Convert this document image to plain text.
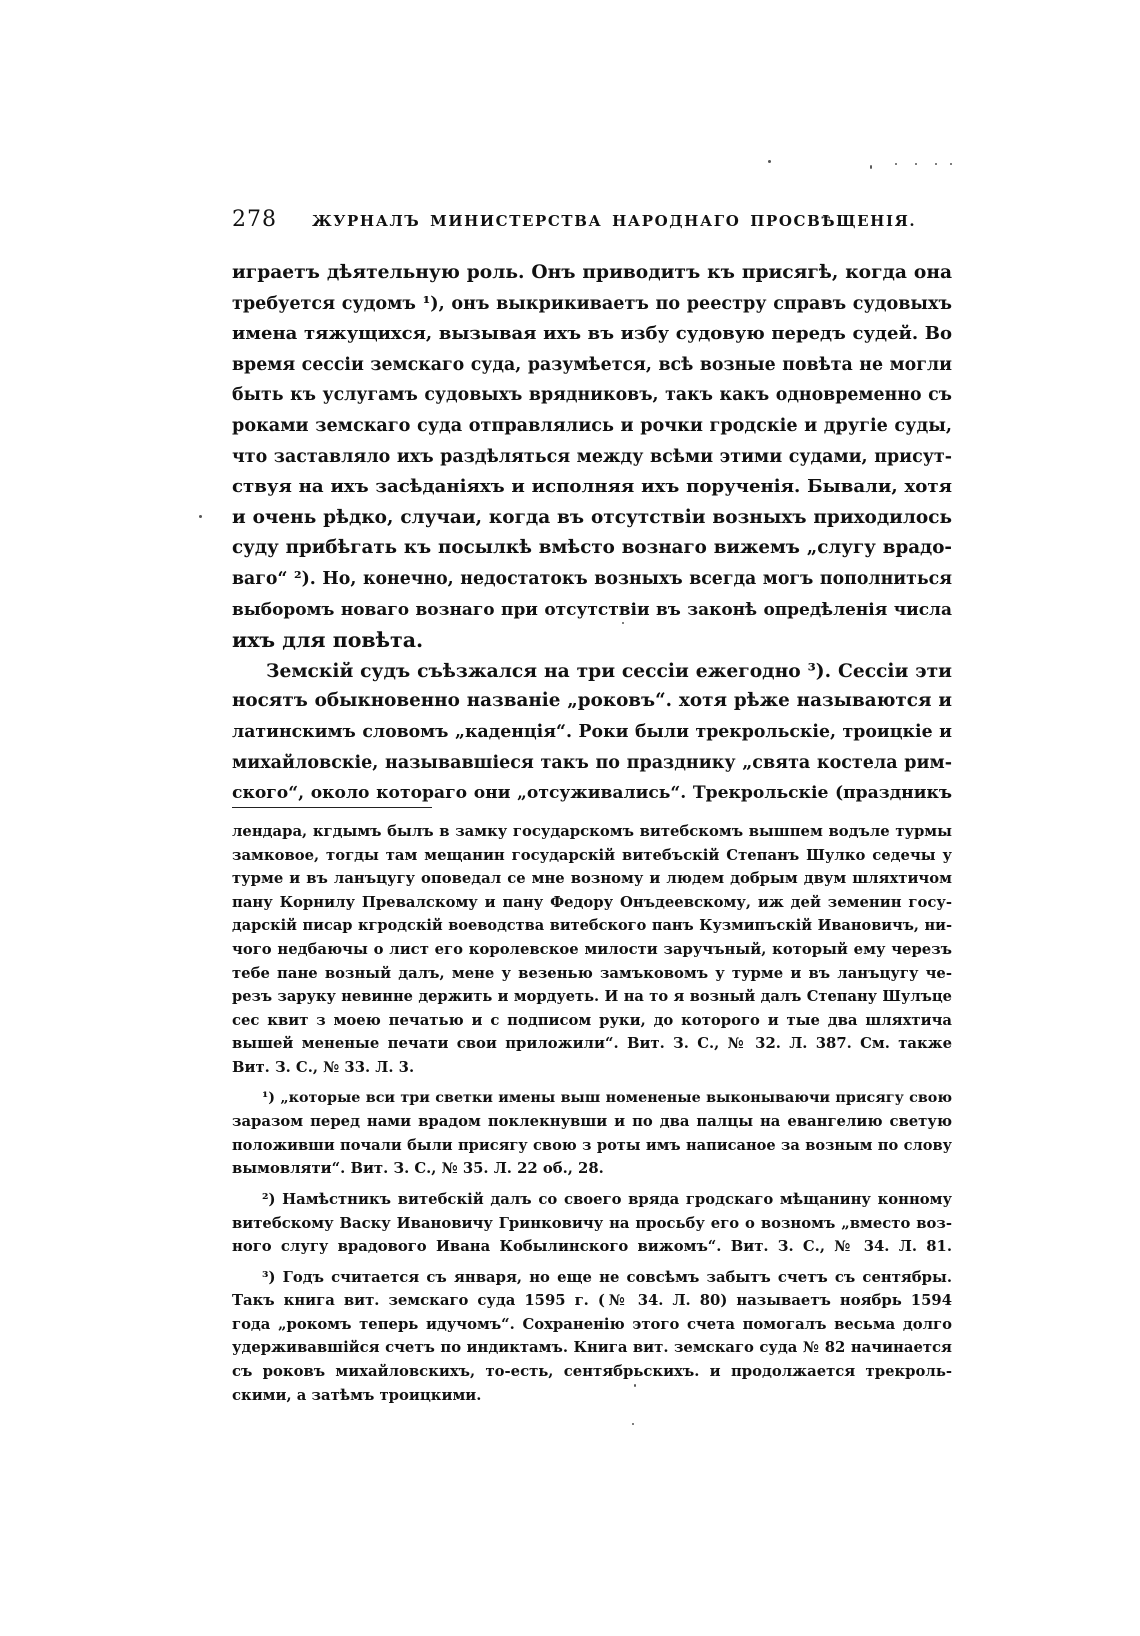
278	ЖУРНАЛЪ МИНИСТЕРСТВА НАРОДНАГО ПРОСВѢЩЕНІЯ.
играетъ дѣятельную роль. Онъ приводитъ къ присягѣ, когда она
требуется судомъ ¹), онъ выкрикиваетъ по реестру справъ судовыхъ
имена тяжущихся, вызывая ихъ въ избу судовую передъ судей. Во
время сессіи земскаго суда, разумѣется, всѣ возные повѣта не могли
быть къ услугамъ судовыхъ врядниковъ, такъ какъ одновременно съ
роками земскаго суда отправлялись и рочки гродскіе и другіе суды,
что заставляло ихъ раздѣляться между всѣми этими судами, присут-
ствуя на ихъ засѣданіяхъ и исполняя ихъ порученія. Бывали, хотя
и очень рѣдко, случаи, когда въ отсутствіи возныхъ приходилось
суду прибѣгать къ посылкѣ вмѣсто вознаго вижемъ „слугу врадо-
ваго“ ²). Но, конечно, недостатокъ возныхъ всегда могъ пополниться
выборомъ новаго вознаго при отсутствіи въ законѣ опредѣленія числа
ихъ для повѣта.
Земскій судъ съѣзжался на три сессіи ежегодно ³). Сессіи эти
носятъ обыкновенно названіе „роковъ“. хотя рѣже называются и
латинскимъ словомъ „каденція“. Роки были трекрольскіе, троицкіе и
михайловскіе, называвшіеся такъ по празднику „свята костела рим-
ского“, около котораго они „отсуживались“. Трекрольскіе (праздникъ
лендара, кгдымъ былъ в замку государскомъ витебскомъ вышпем водъле турмы
замковое, тогды там мещанин государскій витебъскій Степанъ Шулко седечы у
турме и въ ланъцугу оповедал се мне возному и людем добрым двум шляхтичом
пану Корнилу Превалскому и пану Федору Онъдеевскому, иж дей земенин госу-
дарскій писар кгродскій воеводства витебского панъ Кузмипъскій Ивановичъ, ни-
чого недбаючы о лист его королевское милости заручъный, который ему черезъ
тебе пане возный далъ, мене у везенью замъковомъ у турме и въ ланъцугу че-
резъ заруку невинне держить и мордуеть. И на то я возный далъ Степану Шулъце
сес квит з моею печатью и с подписом руки, до которого и тые два шляхтича
вышей мененые печати свои приложили“. Вит. З. С., № 32. Л. 387. См. также
Вит. З. С., № 33. Л. 3.
¹) „которые вси три светки имены выш номененые выконываючи присягу свою
заразом перед нами врадом поклекнувши и по два палцы на евангелию светую
положивши почали были присягу свою з роты имъ написаное за возным по слову
вымовляти“. Вит. З. С., № 35. Л. 22 об., 28.
²) Намѣстникъ витебскій далъ со своего вряда гродскаго мѣщанину конному
витебскому Васку Ивановичу Гринковичу на просьбу его о возномъ „вместо воз-
ного слугу врадового Ивана Кобылинского вижомъ“. Вит. З. С., № 34. Л. 81.
³) Годъ считается съ января, но еще не совсѣмъ забытъ счетъ съ сентябры.
Такъ книга вит. земскаго суда 1595 г. (№ 34. Л. 80) называетъ ноябрь 1594
года „рокомъ теперь идучомъ“. Сохраненію этого счета помогалъ весьма долго
удерживавшійся счетъ по индиктамъ. Книга вит. земскаго суда № 82 начинается
съ роковъ михайловскихъ, то-есть, сентябрьскихъ. и продолжается трекроль-
скими, а затѣмъ троицкими.
